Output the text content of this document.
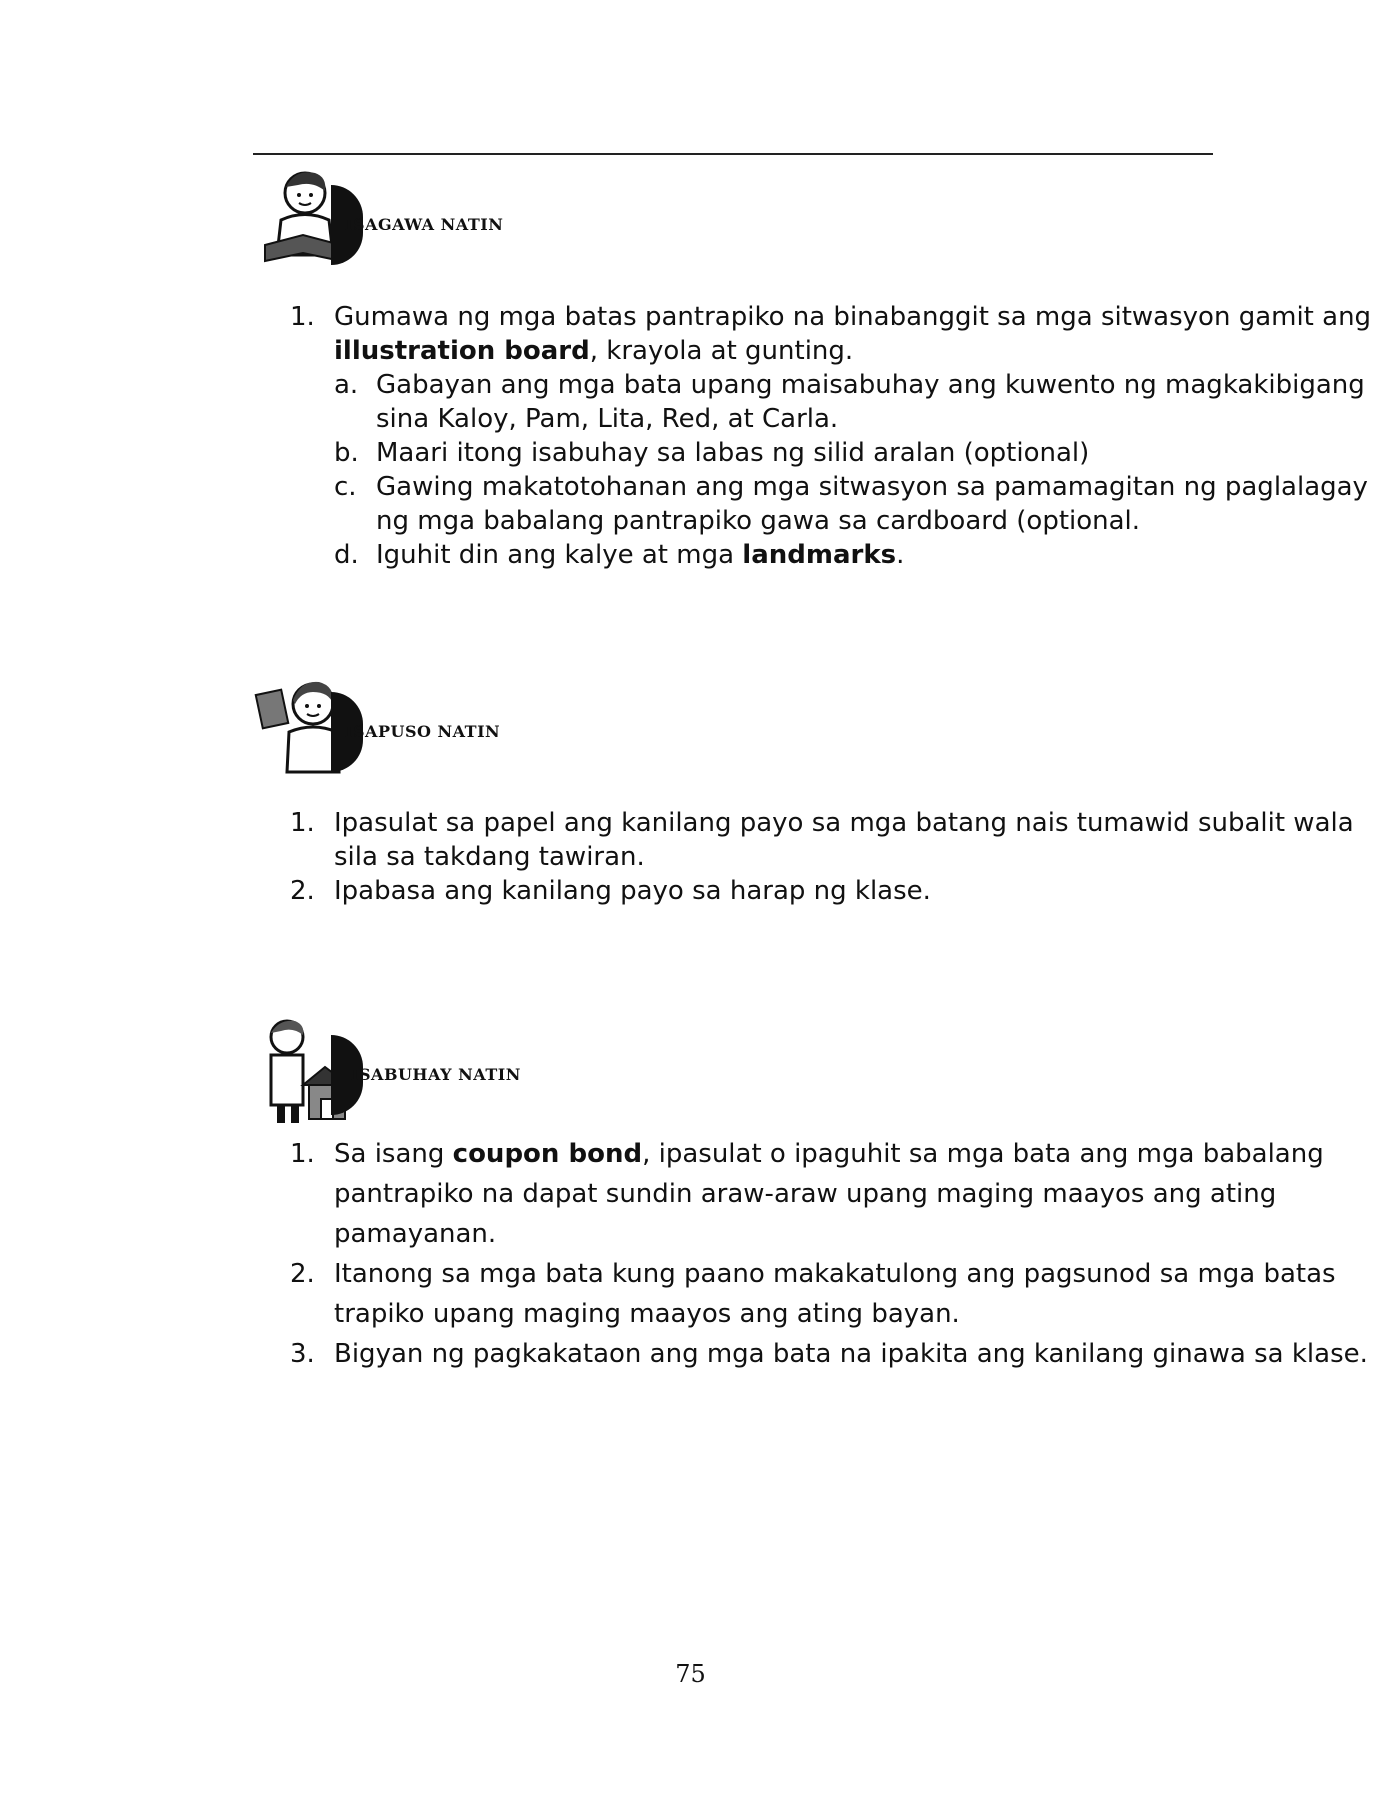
ISAGAWA NATIN
1. Gumawa ng mga batas pantrapiko na binabanggit sa mga sitwasyon gamit ang illustration board, krayola at gunting.
a. Gabayan ang mga bata upang maisabuhay ang kuwento ng magkakibigang sina Kaloy, Pam, Lita, Red, at Carla.
b. Maari itong isabuhay sa labas ng silid aralan (optional)
c. Gawing makatotohanan ang mga sitwasyon sa pamamagitan ng paglalagay ng mga babalang pantrapiko gawa sa cardboard (optional.
d. Iguhit din ang kalye at mga landmarks.
ISAPUSO NATIN
1. Ipasulat sa papel ang kanilang payo sa mga batang nais tumawid subalit wala sila sa takdang tawiran.
2. Ipabasa ang kanilang payo sa harap ng klase.
ISABUHAY NATIN
1. Sa isang coupon bond, ipasulat o ipaguhit sa mga bata ang mga babalang pantrapiko na dapat sundin araw-araw upang maging maayos ang ating pamayanan.
2. Itanong sa mga bata kung paano makakatulong ang pagsunod sa mga batas trapiko upang maging maayos ang ating bayan.
3. Bigyan ng pagkakataon ang mga bata na ipakita ang kanilang ginawa sa klase.
75
